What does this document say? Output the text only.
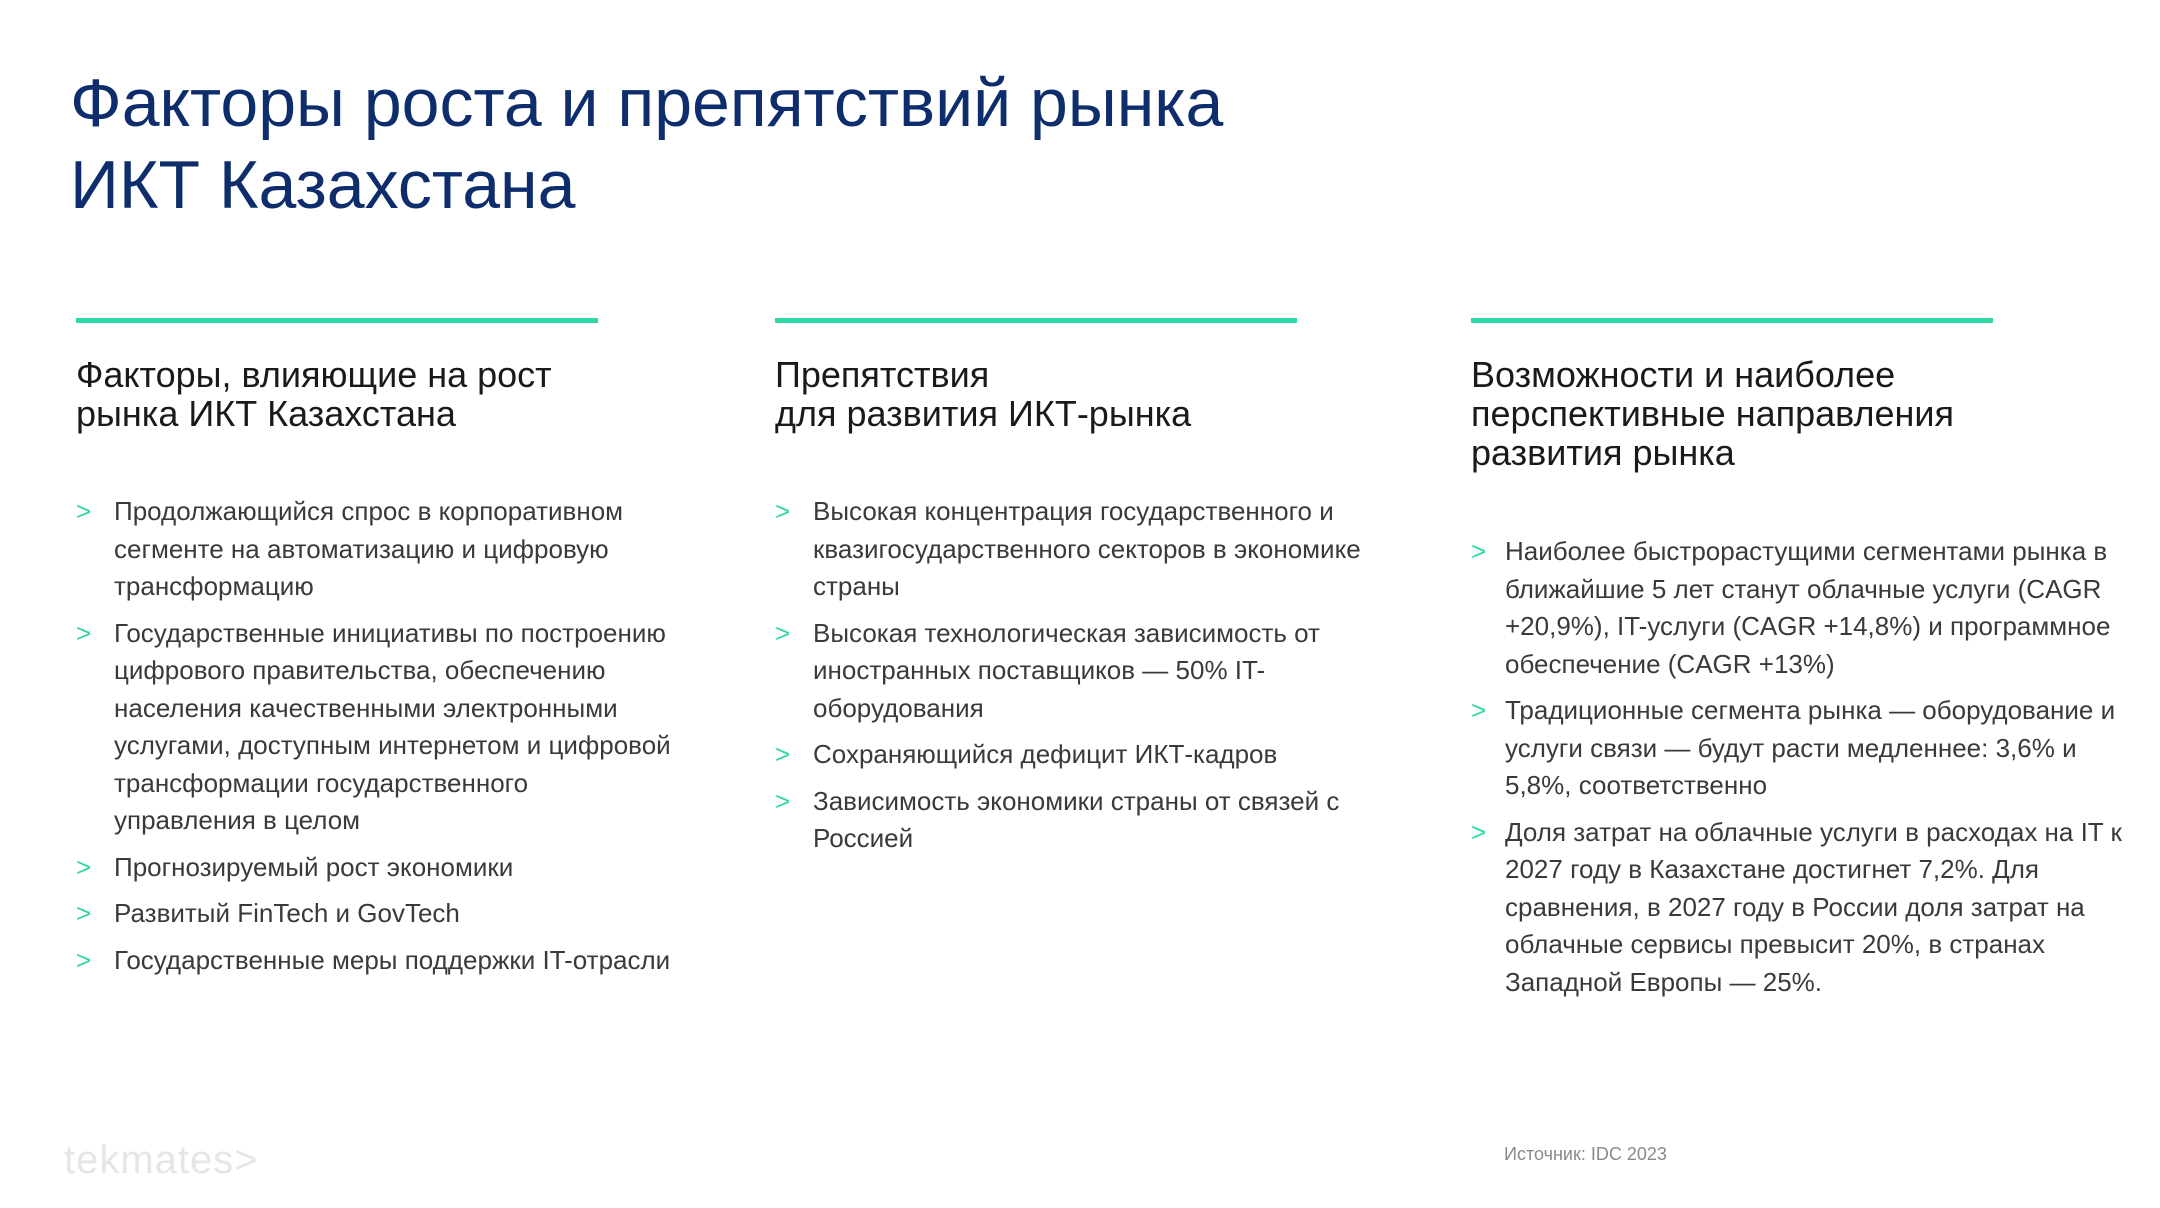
Факторы роста и препятствий рынка
ИКТ Казахстана
Факторы, влияющие на рост
рынка ИКТ Казахстана
> Продолжающийся спрос в корпоративном сегменте на автоматизацию и цифровую трансформацию
> Государственные инициативы по построению цифрового правительства, обеспечению населения качественными электронными услугами, доступным интернетом и цифровой трансформации государственного управления в целом
> Прогнозируемый рост экономики
> Развитый FinTech и GovTech
> Государственные меры поддержки IT-отрасли
Препятствия
для развития ИКТ-рынка
> Высокая концентрация государственного и квазигосударственного секторов в экономике страны
> Высокая технологическая зависимость от иностранных поставщиков — 50% IT-оборудования
> Сохраняющийся дефицит ИКТ-кадров
> Зависимость экономики страны от связей с Россией
Возможности и наиболее
перспективные направления
развития рынка
> Наиболее быстрорастущими сегментами рынка в ближайшие 5 лет станут облачные услуги (CAGR +20,9%), IT-услуги (CAGR +14,8%) и программное обеспечение (CAGR +13%)
> Традиционные сегмента рынка — оборудование и услуги связи — будут расти медленнее: 3,6% и 5,8%, соответственно
> Доля затрат на облачные услуги в расходах на IT к 2027 году в Казахстане достигнет 7,2%. Для сравнения, в 2027 году в России доля затрат на облачные сервисы превысит 20%, в странах Западной Европы — 25%.
tekmates>	Источник: IDC 2023
